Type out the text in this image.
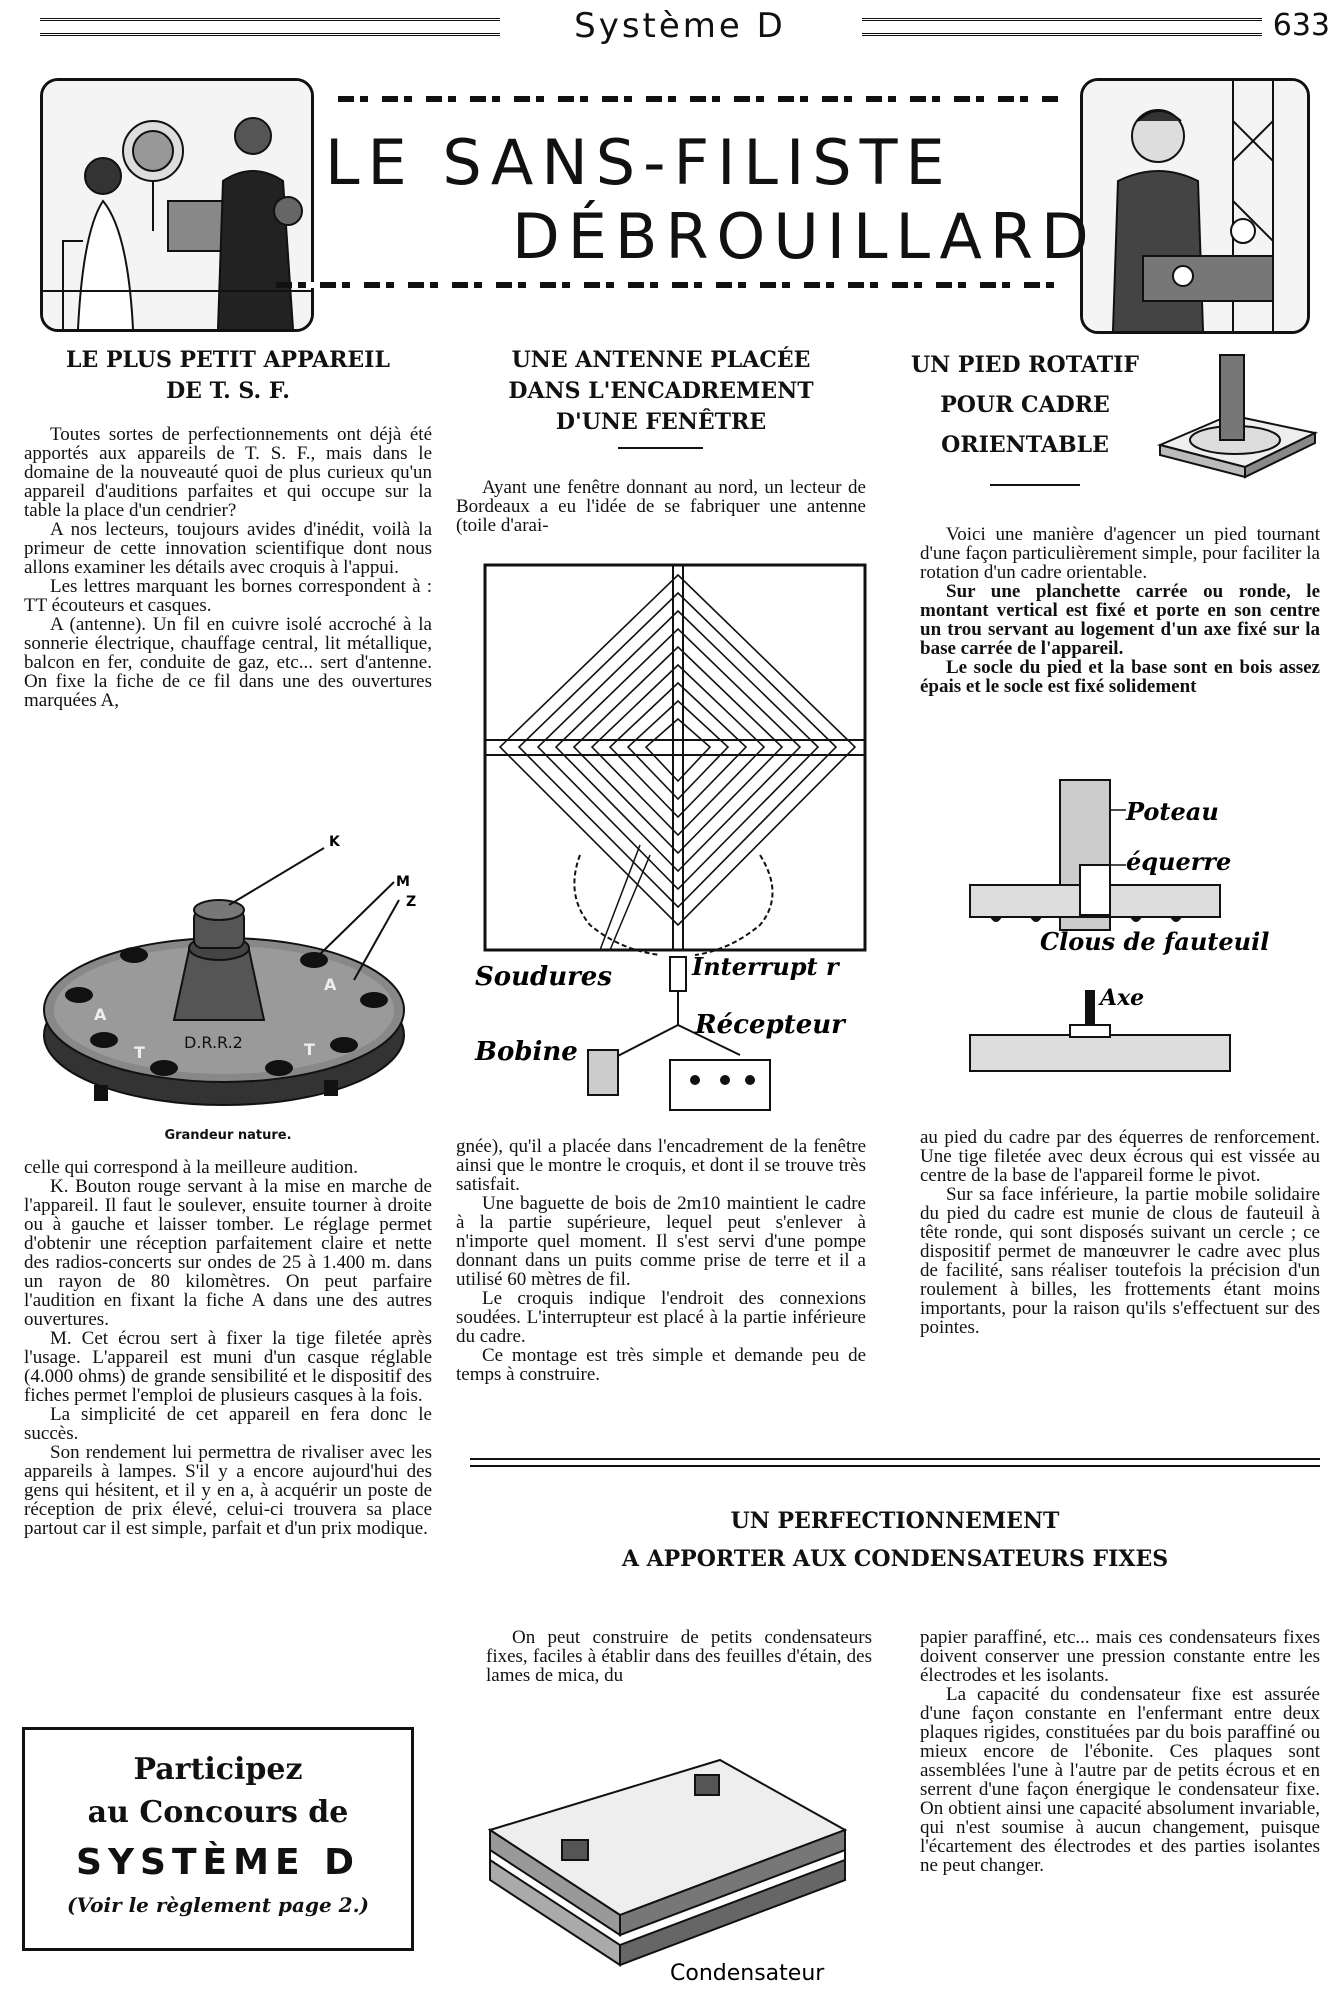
Système D	633
LE SANS-FILISTE
DÉBROUILLARD
LE PLUS PETIT APPAREIL
DE T. S. F.

Toutes sortes de perfectionnements ont déjà été apportés aux appareils de T. S. F., mais dans le domaine de la nouveauté quoi de plus curieux qu'un appareil d'auditions parfaites et qui occupe sur la table la place d'un cendrier?

A nos lecteurs, toujours avides d'inédit, voilà la primeur de cette innovation scientifique dont nous allons examiner les détails avec croquis à l'appui.

Les lettres marquant les bornes correspondent à : TT écouteurs et casques.

A (antenne). Un fil en cuivre isolé accroché à la sonnerie électrique, chauffage central, lit métallique, balcon en fer, conduite de gaz, etc... sert d'antenne. On fixe la fiche de ce fil dans une des ouvertures marquées A,

K
M
Z
A
A
T	T
D.R.R.2
Grandeur nature.

celle qui correspond à la meilleure audition.

K. Bouton rouge servant à la mise en marche de l'appareil. Il faut le soulever, ensuite tourner à droite ou à gauche et laisser tomber. Le réglage permet d'obtenir une réception parfaitement claire et nette des radios-concerts sur ondes de 25 à 1.400 m. dans un rayon de 80 kilomètres. On peut parfaire l'audition en fixant la fiche A dans une des autres ouvertures.

M. Cet écrou sert à fixer la tige filetée après l'usage. L'appareil est muni d'un casque réglable (4.000 ohms) de grande sensibilité et le dispositif des fiches permet l'emploi de plusieurs casques à la fois.

La simplicité de cet appareil en fera donc le succès.

Son rendement lui permettra de rivaliser avec les appareils à lampes. S'il y a encore aujourd'hui des gens qui hésitent, et il y en a, à acquérir un poste de réception de prix élevé, celui-ci trouvera sa place partout car il est simple, parfait et d'un prix modique.

Participez
au Concours de
SYSTÈME D
(Voir le règlement page 2.)
UNE ANTENNE PLACÉE
DANS L'ENCADREMENT
D'UNE FENÊTRE

Ayant une fenêtre donnant au nord, un lecteur de Bordeaux a eu l'idée de se fabriquer une antenne (toile d'arai-

Soudures	Interrupt r
Récepteur
Bobine

gnée), qu'il a placée dans l'encadrement de la fenêtre ainsi que le montre le croquis, et dont il se trouve très satisfait.

Une baguette de bois de 2m10 maintient le cadre à la partie supérieure, lequel peut s'enlever à n'importe quel moment. Il s'est servi d'une pompe donnant dans un puits comme prise de terre et il a utilisé 60 mètres de fil.

Le croquis indique l'endroit des connexions soudées. L'interrupteur est placé à la partie inférieure du cadre.

Ce montage est très simple et demande peu de temps à construire.

UN PIED ROTATIF
POUR CADRE
ORIENTABLE

Voici une manière d'agencer un pied tournant d'une façon particulièrement simple, pour faciliter la rotation d'un cadre orientable.

Sur une planchette carrée ou ronde, le montant vertical est fixé et porte en son centre un trou servant au logement d'un axe fixé sur la base carrée de l'appareil.

Le socle du pied et la base sont en bois assez épais et le socle est fixé solidement

Poteau
équerre
Clous de fauteuil
Axe

au pied du cadre par des équerres de renforcement. Une tige filetée avec deux écrous qui est vissée au centre de la base de l'appareil forme le pivot.

Sur sa face inférieure, la partie mobile solidaire du pied du cadre est munie de clous de fauteuil à tête ronde, qui sont disposés suivant un cercle ; ce dispositif permet de manœuvrer le cadre avec plus de facilité, sans réaliser toutefois la précision d'un roulement à billes, les frottements étant moins importants, pour la raison qu'ils s'effectuent sur des pointes.

UN PERFECTIONNEMENT
A APPORTER AUX CONDENSATEURS FIXES

On peut construire de petits condensateurs fixes, faciles à établir dans des feuilles d'étain, des lames de mica, du

Condensateur

papier paraffiné, etc... mais ces condensateurs fixes doivent conserver une pression constante entre les électrodes et les isolants.

La capacité du condensateur fixe est assurée d'une façon constante en l'enfermant entre deux plaques rigides, constituées par du bois paraffiné ou mieux encore de l'ébonite. Ces plaques sont assemblées l'une à l'autre par de petits écrous et en serrent d'une façon énergique le condensateur fixe. On obtient ainsi une capacité absolument invariable, qui n'est soumise à aucun changement, puisque l'écartement des électrodes et des parties isolantes ne peut changer.
